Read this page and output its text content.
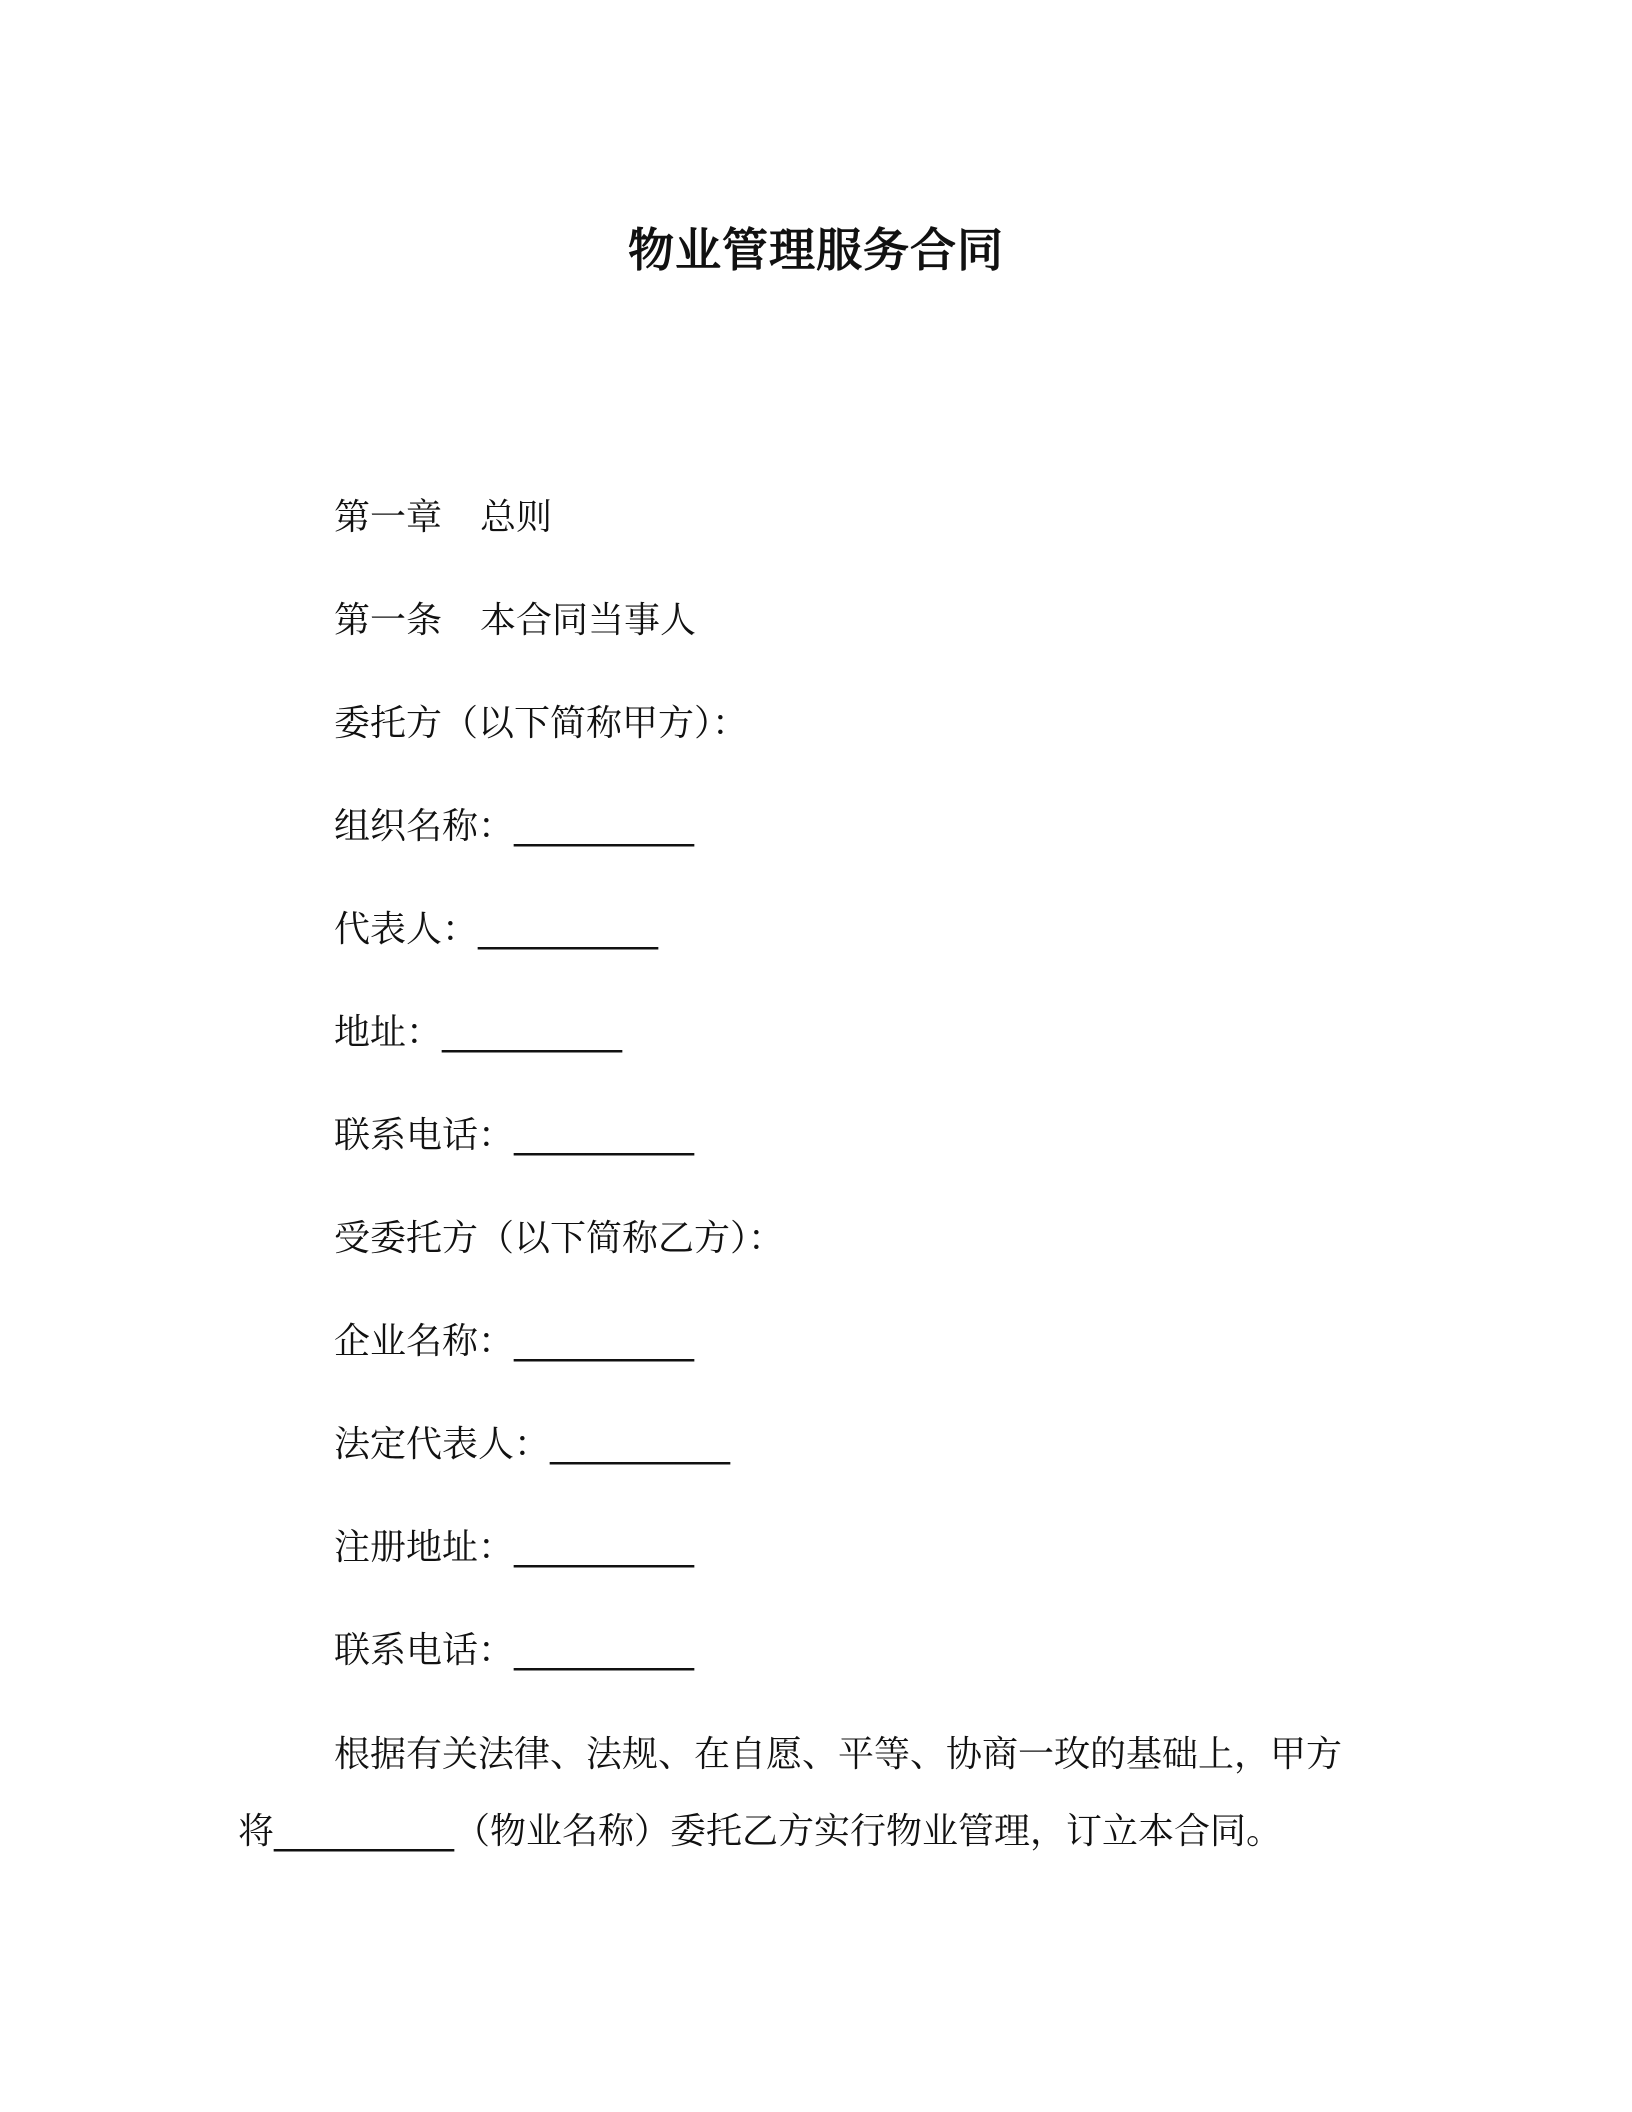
物业管理服务合同
第一章 总则
第一条 本合同当事人
委托方（以下简称甲方）：
组织名称：__________
代表人：__________
地址：__________
联系电话：__________
受委托方（以下简称乙方）：
企业名称：__________
法定代表人：__________
注册地址：__________
联系电话：__________
根据有关法律、法规、在自愿、平等、协商一玫的基础上，甲方
将__________（物业名称）委托乙方实行物业管理，订立本合同。
